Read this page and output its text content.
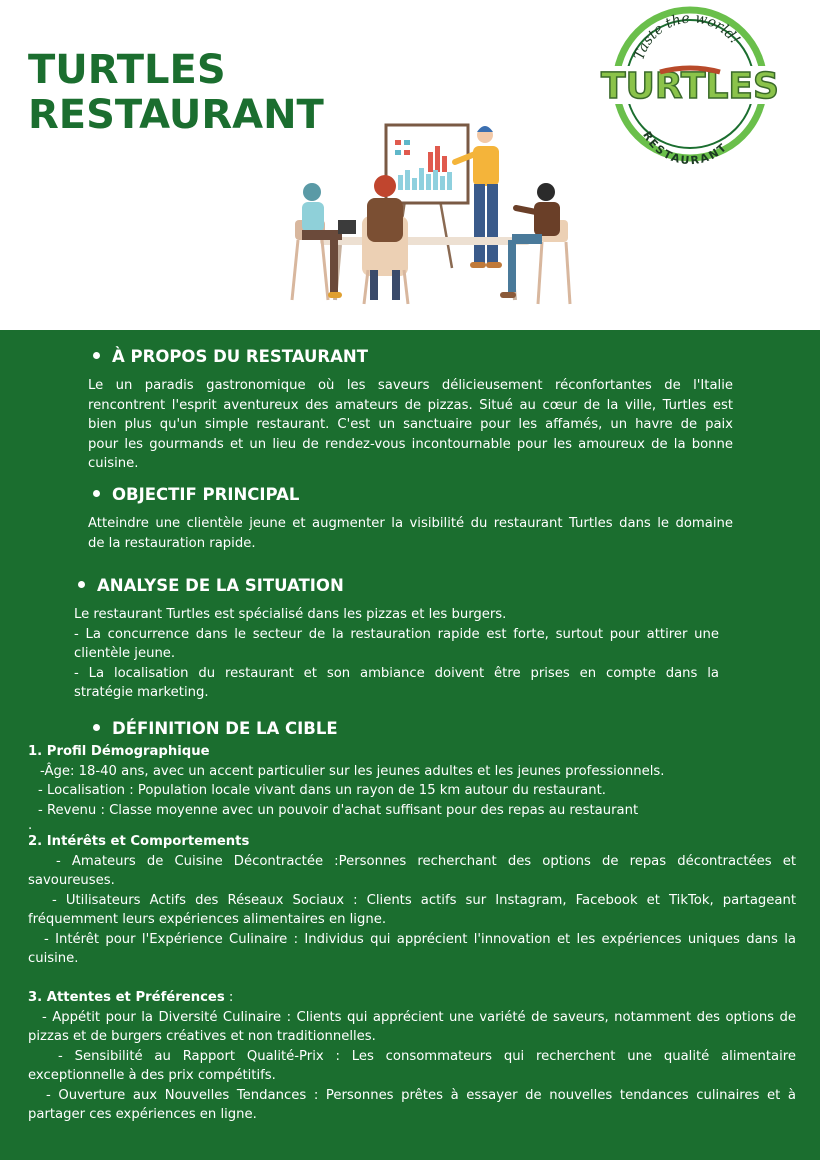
TURTLES
RESTAURANT
Taste the world!
TURTLES
RESTAURANT
À PROPOS DU RESTAURANT
Le un paradis gastronomique où les saveurs délicieusement réconfortantes de l'Italie
rencontrent l'esprit aventureux des amateurs de pizzas. Situé au cœur de la ville, Turtles est
bien plus qu'un simple restaurant. C'est un sanctuaire pour les affamés, un havre de paix
pour les gourmands et un lieu de rendez-vous incontournable pour les amoureux de la bonne
cuisine.
OBJECTIF PRINCIPAL
Atteindre une clientèle jeune et augmenter la visibilité du restaurant Turtles dans le domaine
de la restauration rapide.
ANALYSE DE LA SITUATION
Le restaurant Turtles est spécialisé dans les pizzas et les burgers.
- La concurrence dans le secteur de la restauration rapide est forte, surtout pour attirer une
clientèle jeune.
- La localisation du restaurant et son ambiance doivent être prises en compte dans la
stratégie marketing.
DÉFINITION DE LA CIBLE
1. Profil Démographique
-Âge: 18-40 ans, avec un accent particulier sur les jeunes adultes et les jeunes professionnels.
- Localisation : Population locale vivant dans un rayon de 15 km autour du restaurant.
- Revenu : Classe moyenne avec un pouvoir d'achat suffisant pour des repas au restaurant
.
2. Intérêts et Comportements
- Amateurs de Cuisine Décontractée :Personnes recherchant des options de repas décontractées et
savoureuses.
- Utilisateurs Actifs des Réseaux Sociaux : Clients actifs sur Instagram, Facebook et TikTok, partageant
fréquemment leurs expériences alimentaires en ligne.
- Intérêt pour l'Expérience Culinaire : Individus qui apprécient l'innovation et les expériences uniques dans la
cuisine.
3. Attentes et Préférences :
- Appétit pour la Diversité Culinaire : Clients qui apprécient une variété de saveurs, notamment des options de
pizzas et de burgers créatives et non traditionnelles.
- Sensibilité au Rapport Qualité-Prix : Les consommateurs qui recherchent une qualité alimentaire
exceptionnelle à des prix compétitifs.
- Ouverture aux Nouvelles Tendances : Personnes prêtes à essayer de nouvelles tendances culinaires et à
partager ces expériences en ligne.
